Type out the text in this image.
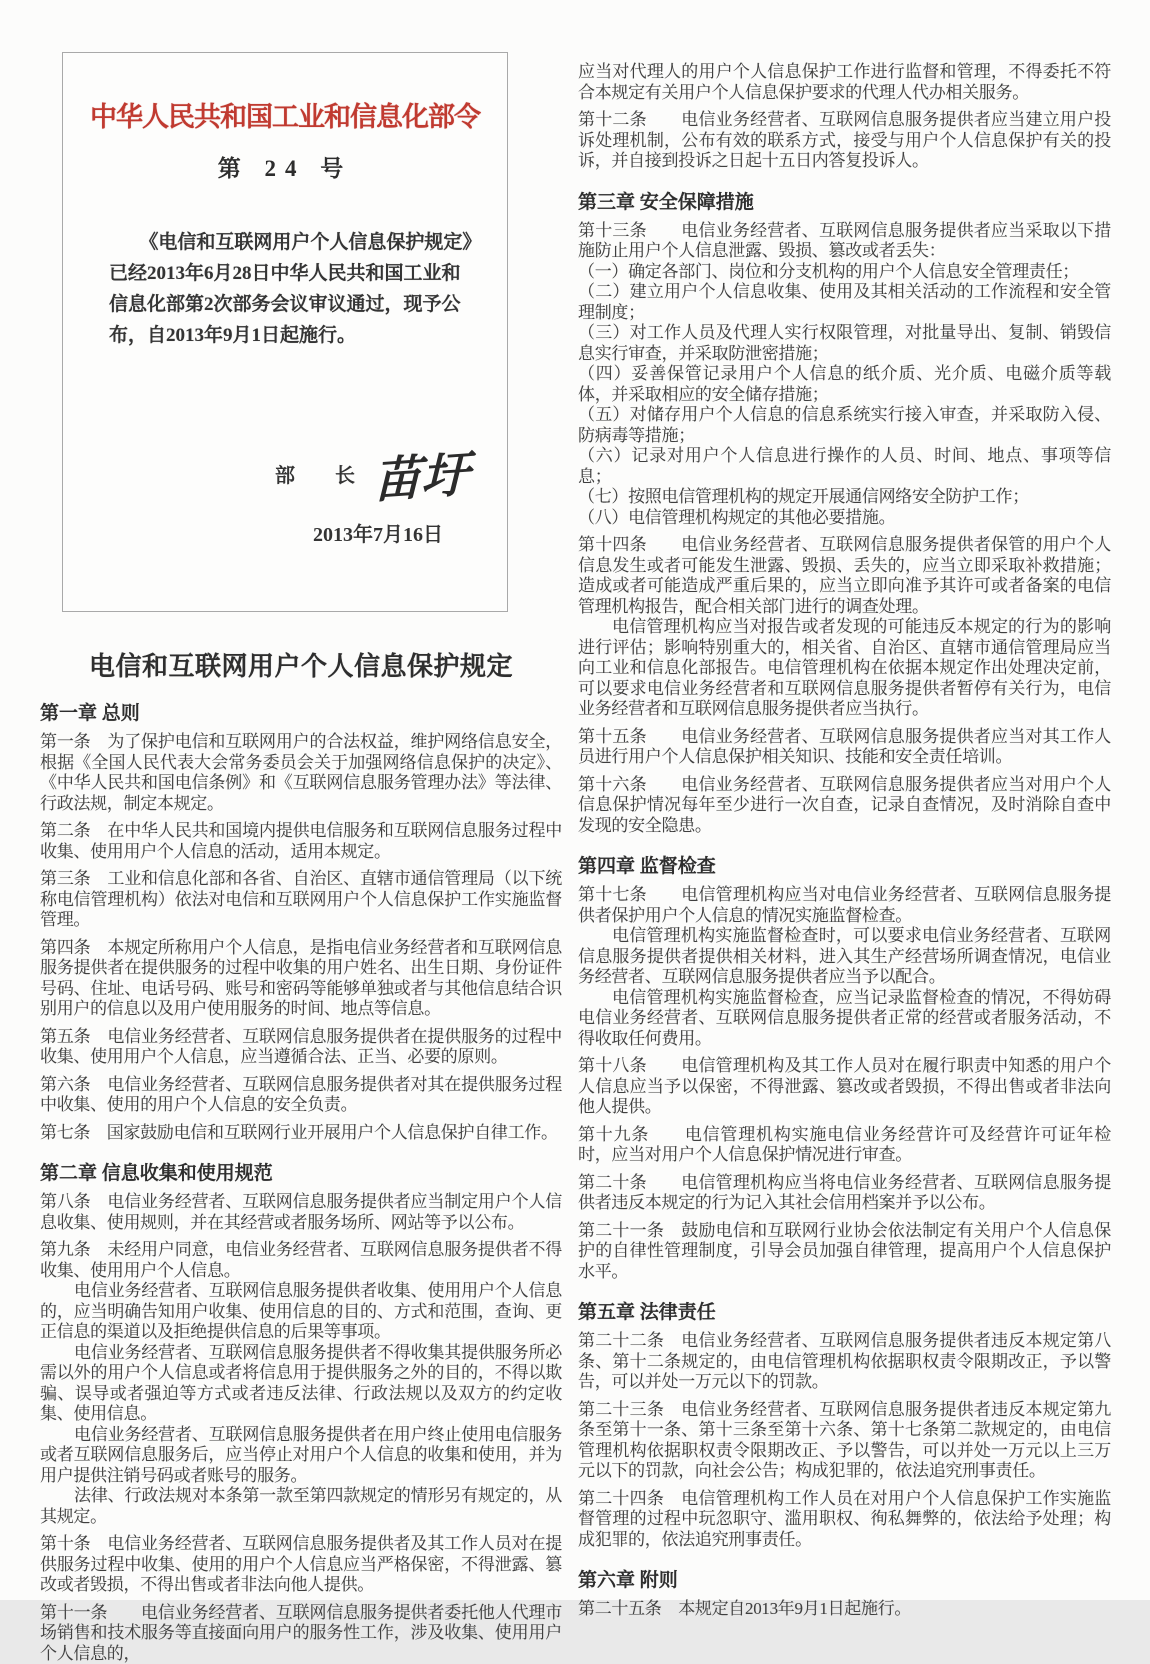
中华人民共和国工业和信息化部令
第 24 号
《电信和互联网用户个人信息保护规定》已经2013年6月28日中华人民共和国工业和信息化部第2次部务会议审议通过，现予公布，自2013年9月1日起施行。
部　　长 苗圩
2013年7月16日
电信和互联网用户个人信息保护规定

第一章 总则

第一条　为了保护电信和互联网用户的合法权益，维护网络信息安全，根据《全国人民代表大会常务委员会关于加强网络信息保护的决定》、《中华人民共和国电信条例》和《互联网信息服务管理办法》等法律、行政法规，制定本规定。

第二条　在中华人民共和国境内提供电信服务和互联网信息服务过程中收集、使用用户个人信息的活动，适用本规定。

第三条　工业和信息化部和各省、自治区、直辖市通信管理局（以下统称电信管理机构）依法对电信和互联网用户个人信息保护工作实施监督管理。

第四条　本规定所称用户个人信息，是指电信业务经营者和互联网信息服务提供者在提供服务的过程中收集的用户姓名、出生日期、身份证件号码、住址、电话号码、账号和密码等能够单独或者与其他信息结合识别用户的信息以及用户使用服务的时间、地点等信息。

第五条　电信业务经营者、互联网信息服务提供者在提供服务的过程中收集、使用用户个人信息，应当遵循合法、正当、必要的原则。

第六条　电信业务经营者、互联网信息服务提供者对其在提供服务过程中收集、使用的用户个人信息的安全负责。

第七条　国家鼓励电信和互联网行业开展用户个人信息保护自律工作。

第二章 信息收集和使用规范

第八条　电信业务经营者、互联网信息服务提供者应当制定用户个人信息收集、使用规则，并在其经营或者服务场所、网站等予以公布。

第九条　未经用户同意，电信业务经营者、互联网信息服务提供者不得收集、使用用户个人信息。

电信业务经营者、互联网信息服务提供者收集、使用用户个人信息的，应当明确告知用户收集、使用信息的目的、方式和范围，查询、更正信息的渠道以及拒绝提供信息的后果等事项。

电信业务经营者、互联网信息服务提供者不得收集其提供服务所必需以外的用户个人信息或者将信息用于提供服务之外的目的，不得以欺骗、误导或者强迫等方式或者违反法律、行政法规以及双方的约定收集、使用信息。

电信业务经营者、互联网信息服务提供者在用户终止使用电信服务或者互联网信息服务后，应当停止对用户个人信息的收集和使用，并为用户提供注销号码或者账号的服务。

法律、行政法规对本条第一款至第四款规定的情形另有规定的，从其规定。

第十条　电信业务经营者、互联网信息服务提供者及其工作人员对在提供服务过程中收集、使用的用户个人信息应当严格保密，不得泄露、篡改或者毁损，不得出售或者非法向他人提供。

第十一条　　电信业务经营者、互联网信息服务提供者委托他人代理市场销售和技术服务等直接面向用户的服务性工作，涉及收集、使用用户个人信息的，

应当对代理人的用户个人信息保护工作进行监督和管理，不得委托不符合本规定有关用户个人信息保护要求的代理人代办相关服务。

第十二条　　电信业务经营者、互联网信息服务提供者应当建立用户投诉处理机制，公布有效的联系方式，接受与用户个人信息保护有关的投诉，并自接到投诉之日起十五日内答复投诉人。

第三章 安全保障措施

第十三条　　电信业务经营者、互联网信息服务提供者应当采取以下措施防止用户个人信息泄露、毁损、篡改或者丢失：

（一）确定各部门、岗位和分支机构的用户个人信息安全管理责任；

（二）建立用户个人信息收集、使用及其相关活动的工作流程和安全管理制度；

（三）对工作人员及代理人实行权限管理，对批量导出、复制、销毁信息实行审查，并采取防泄密措施；

（四）妥善保管记录用户个人信息的纸介质、光介质、电磁介质等载体，并采取相应的安全储存措施；

（五）对储存用户个人信息的信息系统实行接入审查，并采取防入侵、防病毒等措施；

（六）记录对用户个人信息进行操作的人员、时间、地点、事项等信息；

（七）按照电信管理机构的规定开展通信网络安全防护工作；

（八）电信管理机构规定的其他必要措施。

第十四条　　电信业务经营者、互联网信息服务提供者保管的用户个人信息发生或者可能发生泄露、毁损、丢失的，应当立即采取补救措施；造成或者可能造成严重后果的，应当立即向准予其许可或者备案的电信管理机构报告，配合相关部门进行的调查处理。

电信管理机构应当对报告或者发现的可能违反本规定的行为的影响进行评估；影响特别重大的，相关省、自治区、直辖市通信管理局应当向工业和信息化部报告。电信管理机构在依据本规定作出处理决定前，可以要求电信业务经营者和互联网信息服务提供者暂停有关行为，电信业务经营者和互联网信息服务提供者应当执行。

第十五条　　电信业务经营者、互联网信息服务提供者应当对其工作人员进行用户个人信息保护相关知识、技能和安全责任培训。

第十六条　　电信业务经营者、互联网信息服务提供者应当对用户个人信息保护情况每年至少进行一次自查，记录自查情况，及时消除自查中发现的安全隐患。

第四章 监督检查

第十七条　　电信管理机构应当对电信业务经营者、互联网信息服务提供者保护用户个人信息的情况实施监督检查。

电信管理机构实施监督检查时，可以要求电信业务经营者、互联网信息服务提供者提供相关材料，进入其生产经营场所调查情况，电信业务经营者、互联网信息服务提供者应当予以配合。

电信管理机构实施监督检查，应当记录监督检查的情况，不得妨碍电信业务经营者、互联网信息服务提供者正常的经营或者服务活动，不得收取任何费用。

第十八条　　电信管理机构及其工作人员对在履行职责中知悉的用户个人信息应当予以保密，不得泄露、篡改或者毁损，不得出售或者非法向他人提供。

第十九条　　电信管理机构实施电信业务经营许可及经营许可证年检时，应当对用户个人信息保护情况进行审查。

第二十条　　电信管理机构应当将电信业务经营者、互联网信息服务提供者违反本规定的行为记入其社会信用档案并予以公布。

第二十一条　鼓励电信和互联网行业协会依法制定有关用户个人信息保护的自律性管理制度，引导会员加强自律管理，提高用户个人信息保护水平。

第五章 法律责任

第二十二条　电信业务经营者、互联网信息服务提供者违反本规定第八条、第十二条规定的，由电信管理机构依据职权责令限期改正，予以警告，可以并处一万元以下的罚款。

第二十三条　电信业务经营者、互联网信息服务提供者违反本规定第九条至第十一条、第十三条至第十六条、第十七条第二款规定的，由电信管理机构依据职权责令限期改正、予以警告，可以并处一万元以上三万元以下的罚款，向社会公告；构成犯罪的，依法追究刑事责任。

第二十四条　电信管理机构工作人员在对用户个人信息保护工作实施监督管理的过程中玩忽职守、滥用职权、徇私舞弊的，依法给予处理；构成犯罪的，依法追究刑事责任。

第六章 附则

第二十五条　本规定自2013年9月1日起施行。
